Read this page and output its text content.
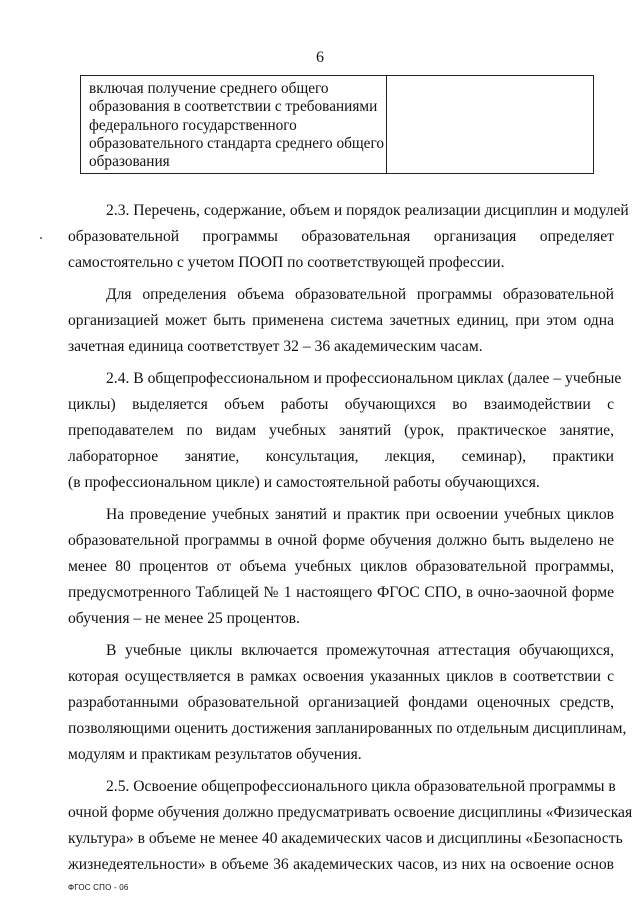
6
включая получение среднего общего
образования в соответствии с требованиями
федерального государственного
образовательного стандарта среднего общего
образования
2.3. Перечень, содержание, объем и порядок реализации дисциплин и модулей
образовательной программы образовательная организация определяет
самостоятельно с учетом ПООП по соответствующей профессии.
Для определения объема образовательной программы образовательной
организацией может быть применена система зачетных единиц, при этом одна
зачетная единица соответствует 32 – 36 академическим часам.
2.4. В общепрофессиональном и профессиональном циклах (далее – учебные
циклы) выделяется объем работы обучающихся во взаимодействии с
преподавателем по видам учебных занятий (урок, практическое занятие,
лабораторное занятие, консультация, лекция, семинар), практики
(в профессиональном цикле) и самостоятельной работы обучающихся.
На проведение учебных занятий и практик при освоении учебных циклов
образовательной программы в очной форме обучения должно быть выделено не
менее 80 процентов от объема учебных циклов образовательной программы,
предусмотренного Таблицей № 1 настоящего ФГОС СПО, в очно-заочной форме
обучения – не менее 25 процентов.
В учебные циклы включается промежуточная аттестация обучающихся,
которая осуществляется в рамках освоения указанных циклов в соответствии с
разработанными образовательной организацией фондами оценочных средств,
позволяющими оценить достижения запланированных по отдельным дисциплинам,
модулям и практикам результатов обучения.
2.5. Освоение общепрофессионального цикла образовательной программы в
очной форме обучения должно предусматривать освоение дисциплины «Физическая
культура» в объеме не менее 40 академических часов и дисциплины «Безопасность
жизнедеятельности» в объеме 36 академических часов, из них на освоение основ
ФГОС СПО - 06
